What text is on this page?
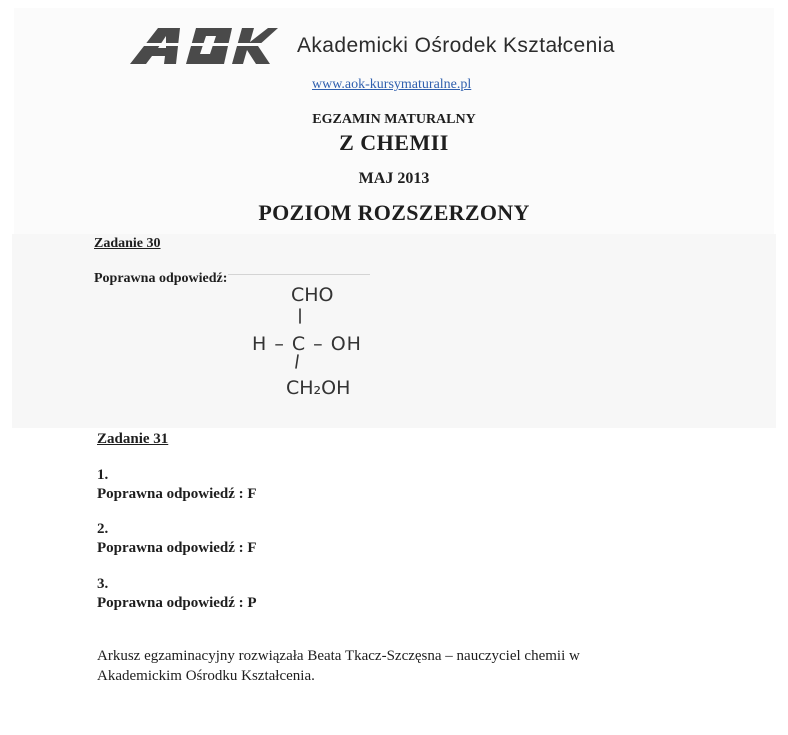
Akademicki Ośrodek Kształcenia
www.aok-kursymaturalne.pl
EGZAMIN MATURALNY
Z CHEMII
MAJ 2013
POZIOM ROZSZERZONY
Zadanie 30
Poprawna odpowiedź:
CHO
H – C – OH
CH₂OH
Zadanie 31
1.
Poprawna odpowiedź : F
2.
Poprawna odpowiedź : F
3.
Poprawna odpowiedź : P
Arkusz egzaminacyjny rozwiązała Beata Tkacz-Szczęsna – nauczyciel chemii w Akademickim Ośrodku Kształcenia.
